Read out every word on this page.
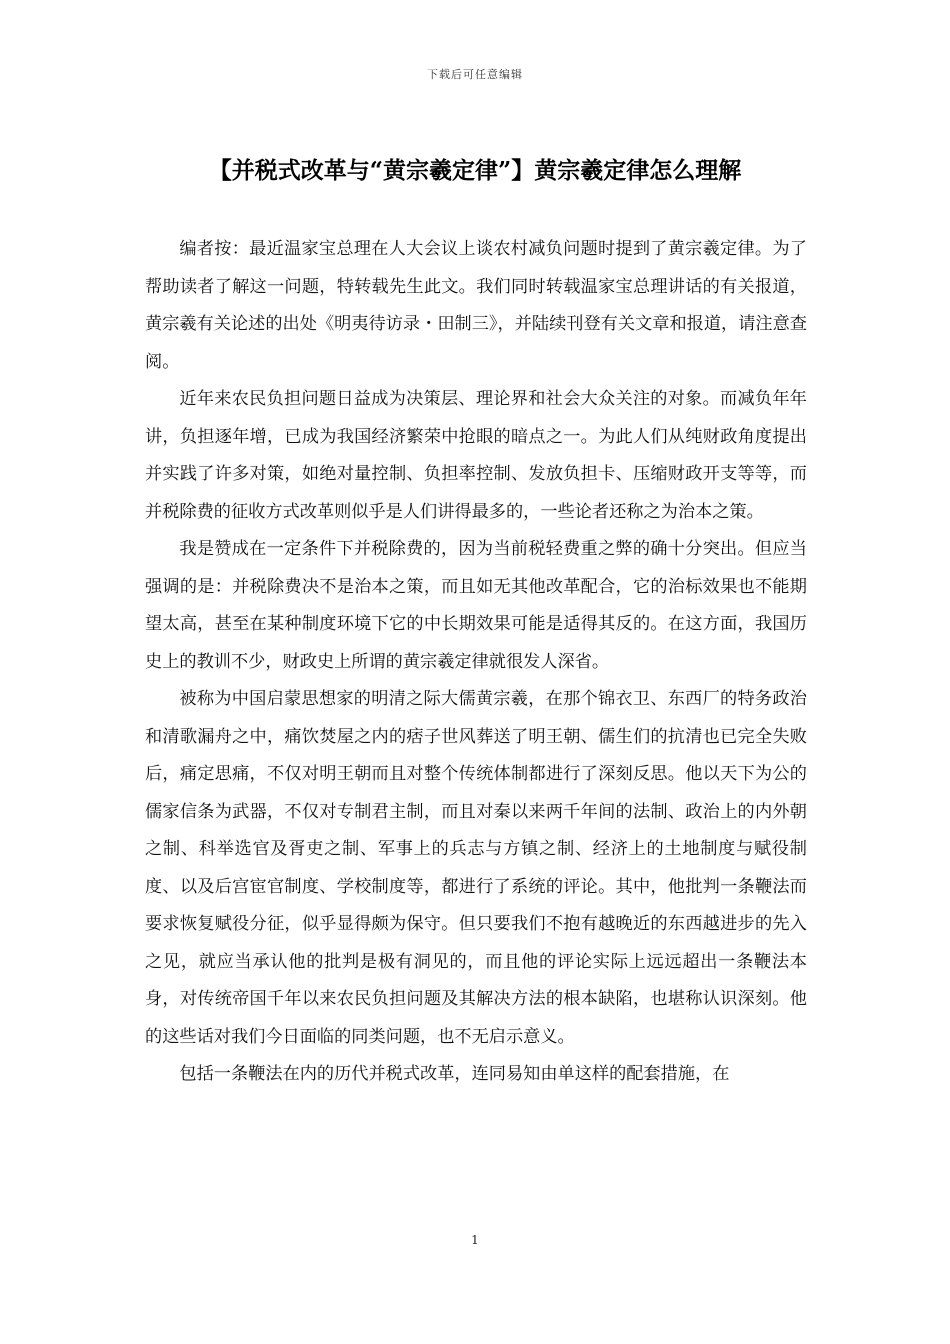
下载后可任意编辑
【并税式改革与“黄宗羲定律”】黄宗羲定律怎么理解

编者按：最近温家宝总理在人大会议上谈农村减负问题时提到了黄宗羲定律。为了帮助读者了解这一问题，特转载先生此文。我们同时转载温家宝总理讲话的有关报道，黄宗羲有关论述的出处《明夷待访录・田制三》，并陆续刊登有关文章和报道，请注意查阅。

近年来农民负担问题日益成为决策层、理论界和社会大众关注的对象。而减负年年讲，负担逐年增，已成为我国经济繁荣中抢眼的暗点之一。为此人们从纯财政角度提出并实践了许多对策，如绝对量控制、负担率控制、发放负担卡、压缩财政开支等等，而并税除费的征收方式改革则似乎是人们讲得最多的，一些论者还称之为治本之策。

我是赞成在一定条件下并税除费的，因为当前税轻费重之弊的确十分突出。但应当强调的是：并税除费决不是治本之策，而且如无其他改革配合，它的治标效果也不能期望太高，甚至在某种制度环境下它的中长期效果可能是适得其反的。在这方面，我国历史上的教训不少，财政史上所谓的黄宗羲定律就很发人深省。

被称为中国启蒙思想家的明清之际大儒黄宗羲，在那个锦衣卫、东西厂的特务政治和清歌漏舟之中，痛饮焚屋之内的痞子世风葬送了明王朝、儒生们的抗清也已完全失败后，痛定思痛，不仅对明王朝而且对整个传统体制都进行了深刻反思。他以天下为公的儒家信条为武器，不仅对专制君主制，而且对秦以来两千年间的法制、政治上的内外朝之制、科举选官及胥吏之制、军事上的兵志与方镇之制、经济上的土地制度与赋役制度、以及后宫宦官制度、学校制度等，都进行了系统的评论。其中，他批判一条鞭法而要求恢复赋役分征，似乎显得颇为保守。但只要我们不抱有越晚近的东西越进步的先入之见，就应当承认他的批判是极有洞见的，而且他的评论实际上远远超出一条鞭法本身，对传统帝国千年以来农民负担问题及其解决方法的根本缺陷，也堪称认识深刻。他的这些话对我们今日面临的同类问题，也不无启示意义。

包括一条鞭法在内的历代并税式改革，连同易知由单这样的配套措施，在

1
